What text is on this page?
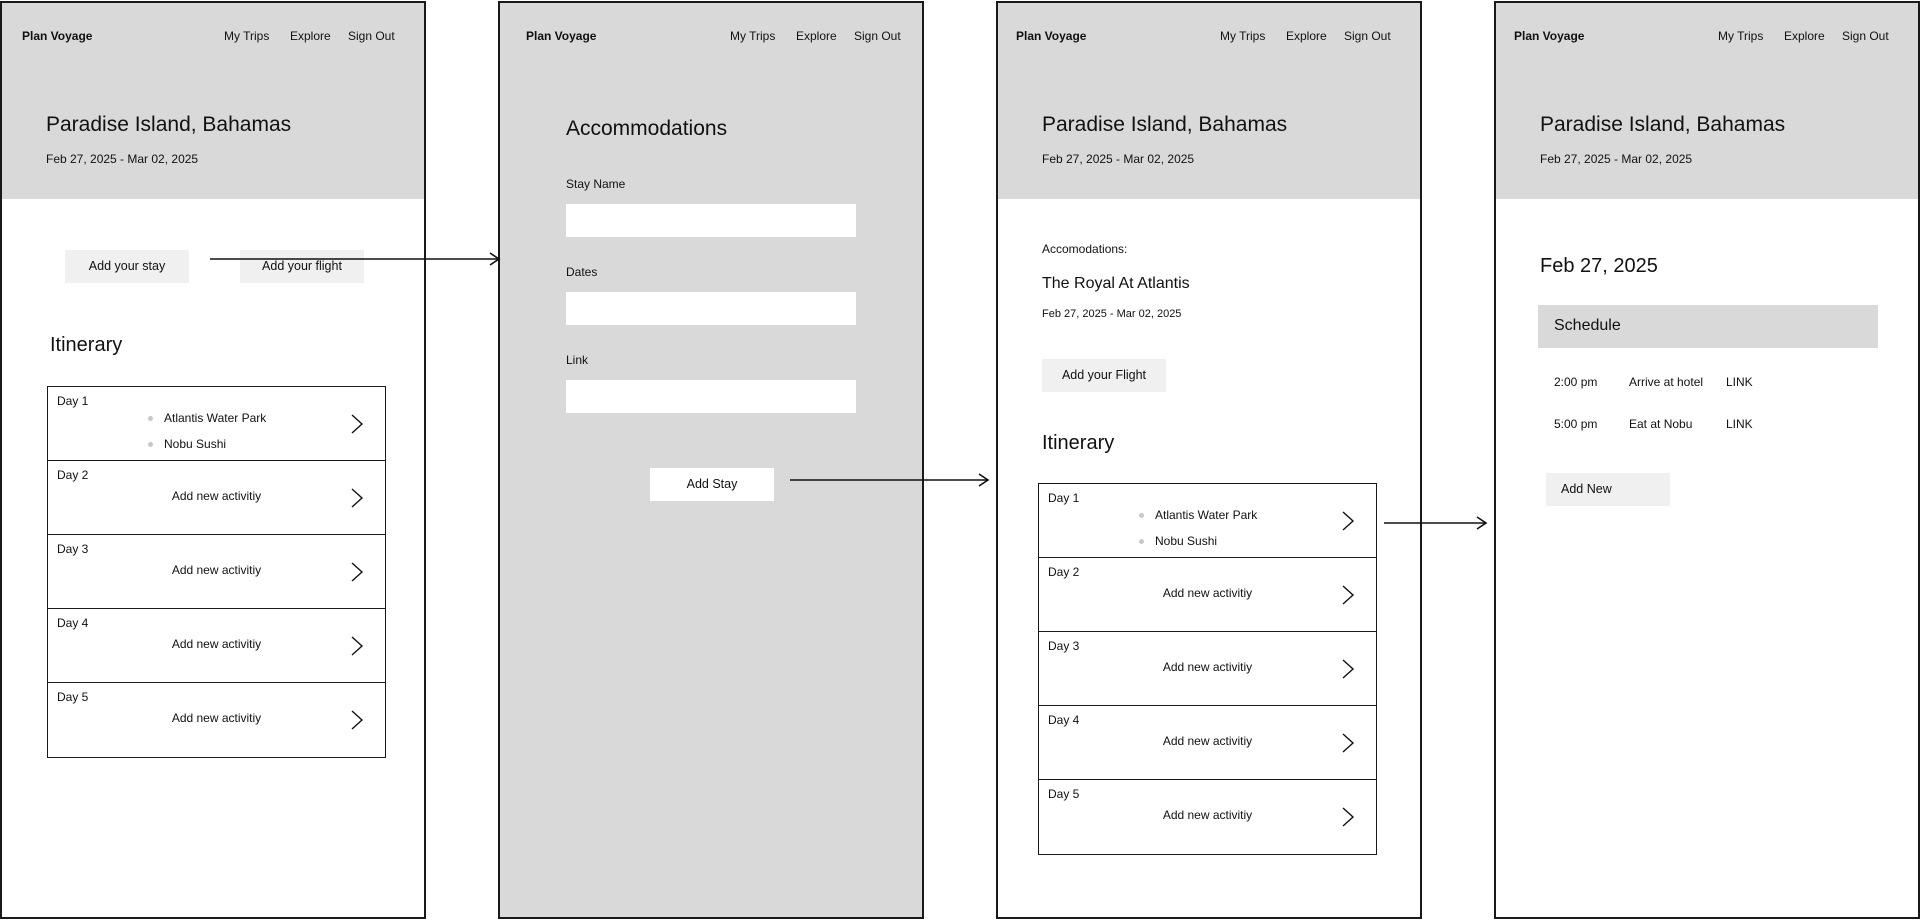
Plan Voyage	My Trips Explore Sign Out
Paradise Island, Bahamas
Feb 27, 2025 - Mar 02, 2025
Add your stay	Add your flight
Itinerary
Day 1
Atlantis Water Park
Nobu Sushi
Day 2
Add new activitiy
Day 3
Add new activitiy
Day 4
Add new activitiy
Day 5
Add new activitiy
Plan Voyage	My Trips Explore Sign Out
Accommodations
Stay Name
Dates
Link
Add Stay
Plan Voyage	My Trips Explore Sign Out
Paradise Island, Bahamas
Feb 27, 2025 - Mar 02, 2025
Accomodations:
The Royal At Atlantis
Feb 27, 2025 - Mar 02, 2025
Add your Flight
Itinerary
Day 1
Atlantis Water Park
Nobu Sushi
Day 2
Add new activitiy
Day 3
Add new activitiy
Day 4
Add new activitiy
Day 5
Add new activitiy
Plan Voyage	My Trips Explore Sign Out
Paradise Island, Bahamas
Feb 27, 2025 - Mar 02, 2025
Feb 27, 2025
Schedule
2:00 pm	Arrive at hotel LINK
5:00 pm	Eat at Nobu	LINK
Add New
